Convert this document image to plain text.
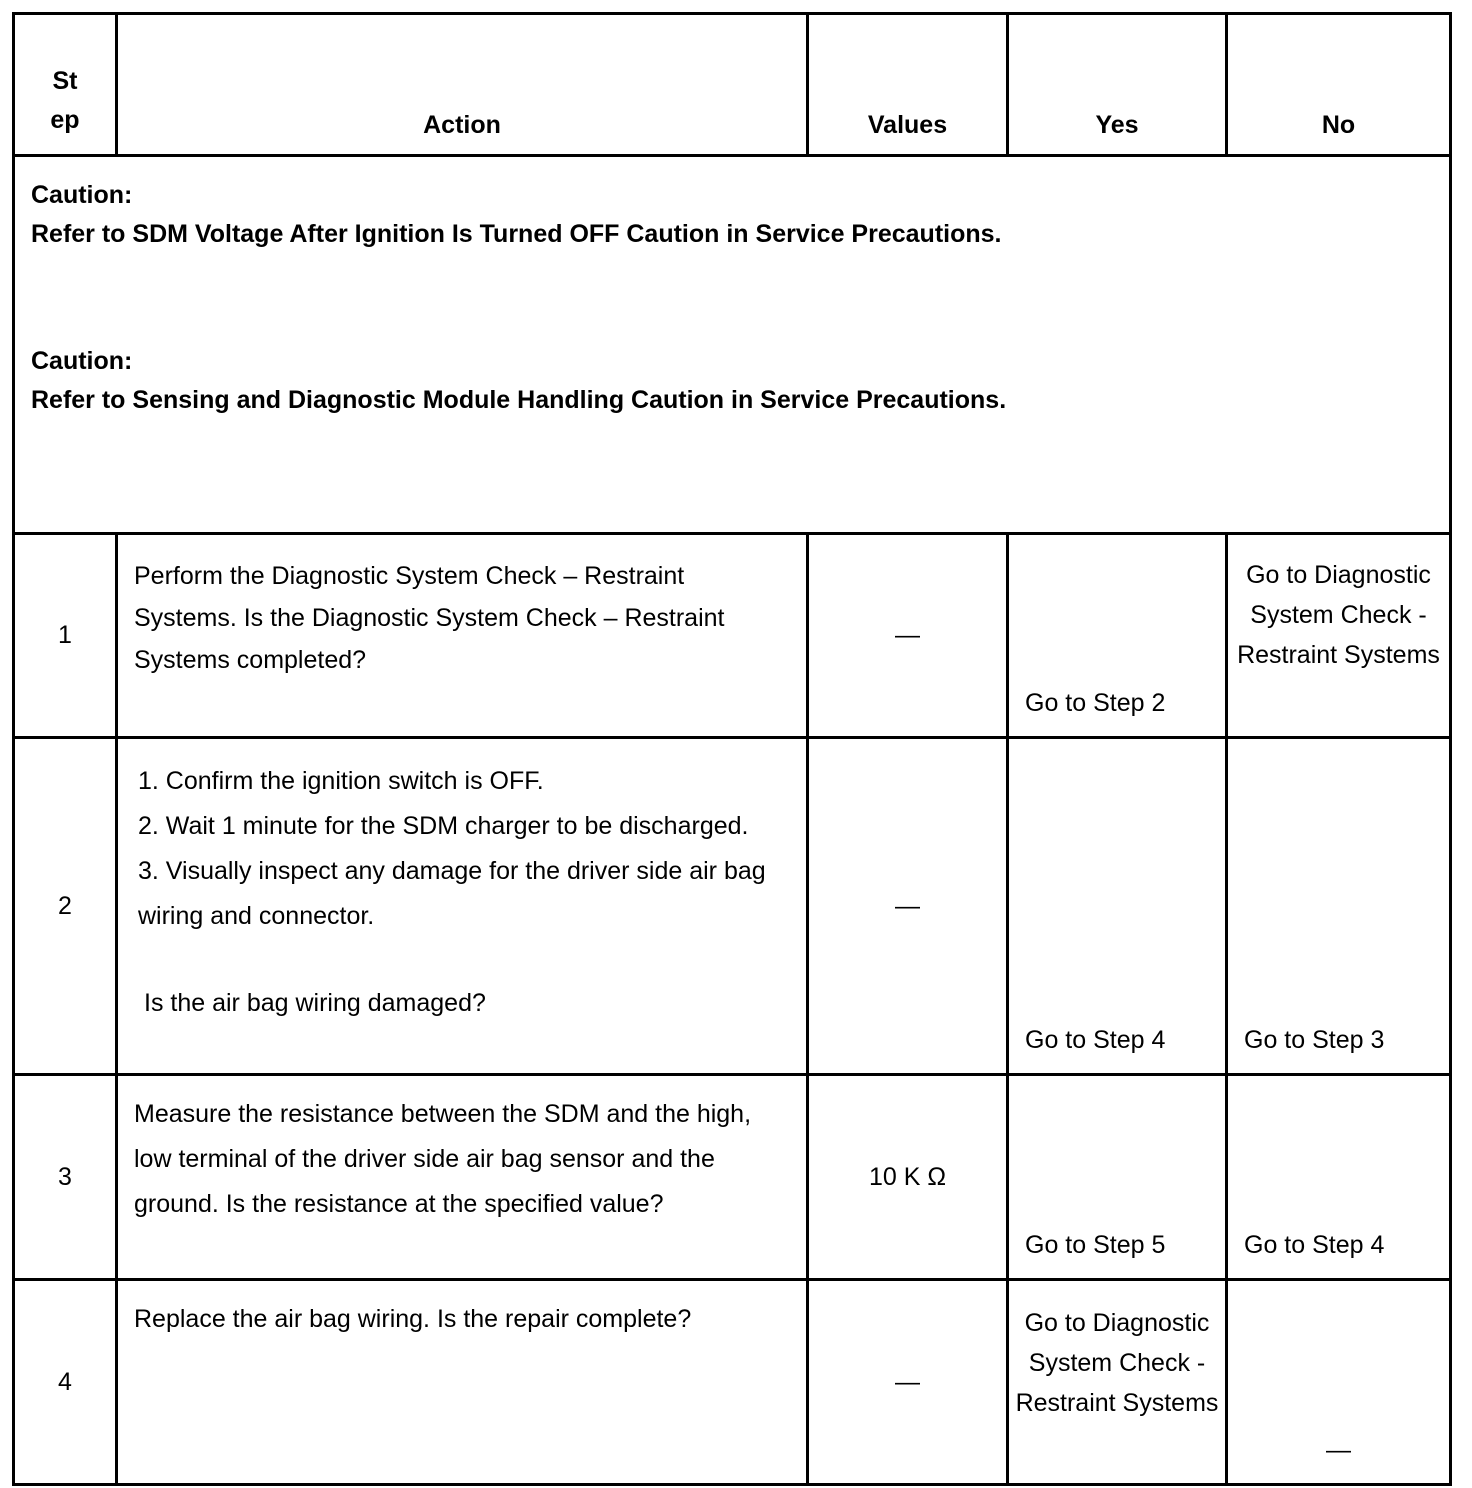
St
ep	Action	Values	Yes	No

Caution:
Refer to SDM Voltage After Ignition Is Turned OFF Caution in Service Precautions.
Caution:
Refer to Sensing and Diagnostic Module Handling Caution in Service Precautions.				

1	Perform the Diagnostic System Check – Restraint Systems. Is the Diagnostic System Check – Restraint Systems completed?	—	Go to Step 2	Go to Diagnostic System Check - Restraint Systems

2	1. Confirm the ignition switch is OFF.
2. Wait 1 minute for the SDM charger to be discharged.
3. Visually inspect any damage for the driver side air bag wiring and connector.
Is the air bag wiring damaged?	—	Go to Step 4	Go to Step 3

3	Measure the resistance between the SDM and the high, low terminal of the driver side air bag sensor and the ground. Is the resistance at the specified value?	10 K Ω	Go to Step 5	Go to Step 4

4	Replace the air bag wiring. Is the repair complete?	—	Go to Diagnostic System Check - Restraint Systems	—
